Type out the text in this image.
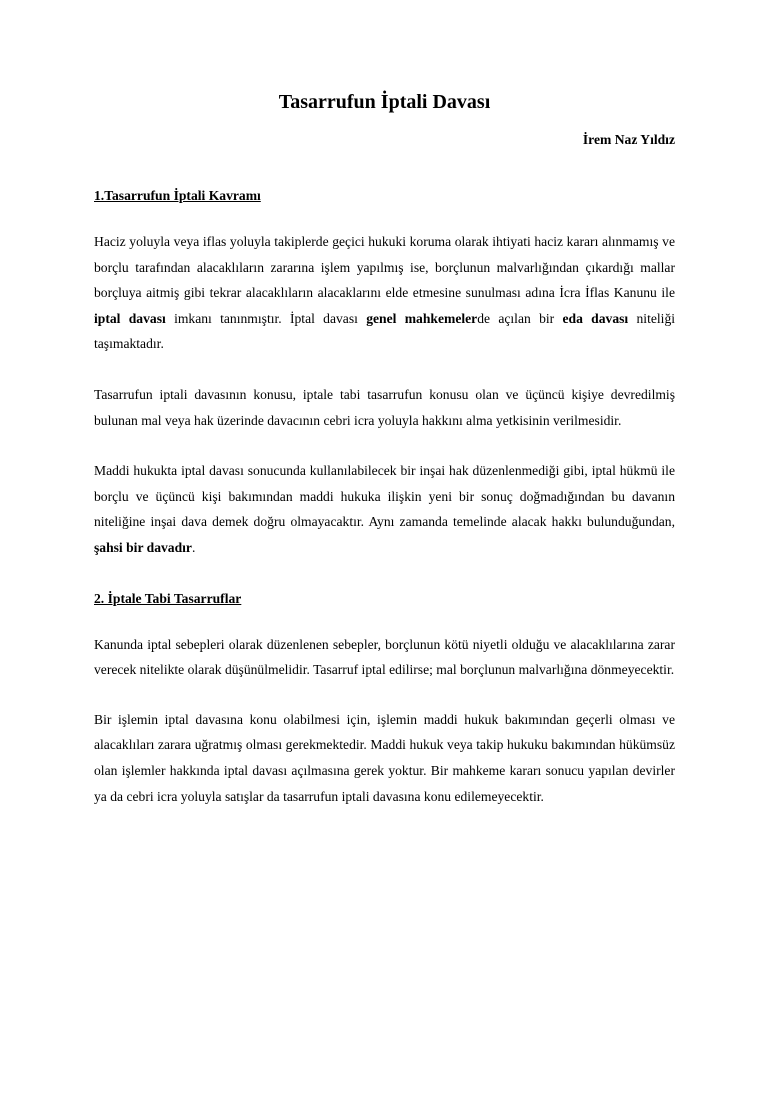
Tasarrufun İptali Davası
İrem Naz Yıldız
1.Tasarrufun İptali Kavramı

Haciz yoluyla veya iflas yoluyla takiplerde geçici hukuki koruma olarak ihtiyati haciz kararı alınmamış ve borçlu tarafından alacaklıların zararına işlem yapılmış ise, borçlunun malvarlığından çıkardığı mallar borçluya aitmiş gibi tekrar alacaklıların alacaklarını elde etmesine sunulması adına İcra İflas Kanunu ile iptal davası imkanı tanınmıştır. İptal davası genel mahkemelerde açılan bir eda davası niteliği taşımaktadır.

Tasarrufun iptali davasının konusu, iptale tabi tasarrufun konusu olan ve üçüncü kişiye devredilmiş bulunan mal veya hak üzerinde davacının cebri icra yoluyla hakkını alma yetkisinin verilmesidir.

Maddi hukukta iptal davası sonucunda kullanılabilecek bir inşai hak düzenlenmediği gibi, iptal hükmü ile borçlu ve üçüncü kişi bakımından maddi hukuka ilişkin yeni bir sonuç doğmadığından bu davanın niteliğine inşai dava demek doğru olmayacaktır. Aynı zamanda temelinde alacak hakkı bulunduğundan, şahsi bir davadır.

2. İptale Tabi Tasarruflar

Kanunda iptal sebepleri olarak düzenlenen sebepler, borçlunun kötü niyetli olduğu ve alacaklılarına zarar verecek nitelikte olarak düşünülmelidir. Tasarruf iptal edilirse; mal borçlunun malvarlığına dönmeyecektir.

Bir işlemin iptal davasına konu olabilmesi için, işlemin maddi hukuk bakımından geçerli olması ve alacaklıları zarara uğratmış olması gerekmektedir. Maddi hukuk veya takip hukuku bakımından hükümsüz olan işlemler hakkında iptal davası açılmasına gerek yoktur. Bir mahkeme kararı sonucu yapılan devirler ya da cebri icra yoluyla satışlar da tasarrufun iptali davasına konu edilemeyecektir.
